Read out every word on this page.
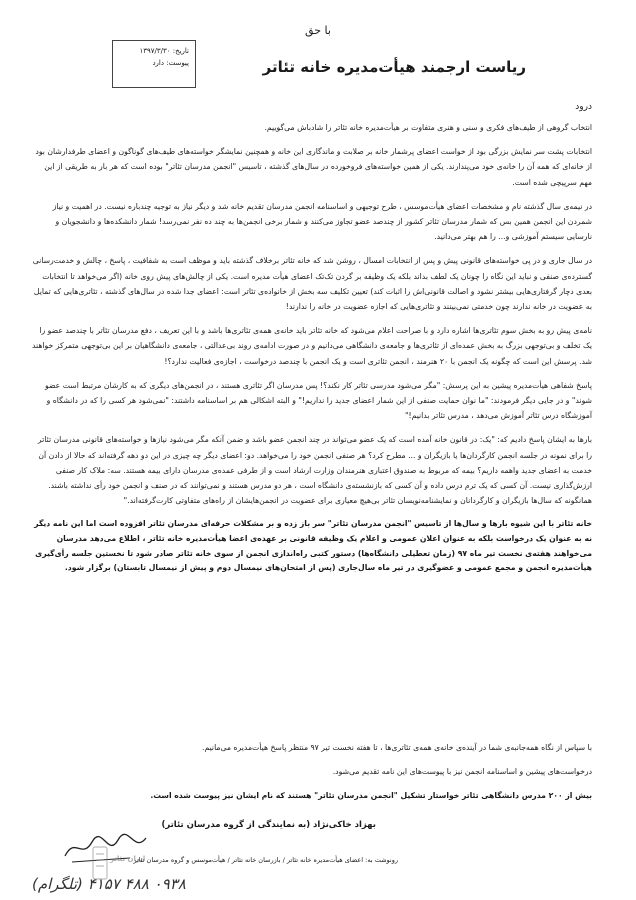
با حق
تاریخ: ۱۳۹۷/۳/۳۰
پیوست: دارد	ریاست ارجمند هیأت‌مدیره خانه تئاتر
درود

انتخاب گروهی از طیف‌های فکری و سنی و هنری متفاوت بر هیأت‌مدیره خانه تئاتر را شادباش می‌گوییم.

انتخابات پشت سر نمایش بزرگی بود از خواست اعضای پرشمار خانه بر صلابت و ماندگاری این خانه و همچنین نمایشگر خواسته‌های طیف‌های گوناگون و اعضای طرفدارشان بود از خانه‌ای که همه آن را خانه‌ی خود می‌پندارند. یکی از همین خواسته‌های فروخورده در سال‌های گذشته ، تاسیس "انجمن مدرسان تئاتر" بوده است که هر بار به طریقی از این مهم سرپیچی شده است.

در نیمه‌ی سال گذشته نام و مشخصات اعضای هیأت‌موسس ، طرح توجیهی و اساسنامه انجمن مدرسان تقدیم خانه شد و دیگر نیاز به توجیه چندباره نیست. در اهمیت و نیاز شمردن این انجمن همین بس که شمار مدرسان تئاتر کشور از چندصد عضو تجاوز می‌کنند و شمار برخی انجمن‌ها به چند ده نفر نمی‌رسد! شمار دانشکده‌ها و دانشجویان و نارسایی سیستم آموزشی و... را هم بهتر می‌دانید.

در سال جاری و در پی خواسته‌های قانونی پیش و پس از انتخابات امسال ، روشن شد که خانه تئاتر برخلاف گذشته باید و موظف است به شفافیت ، پاسخ ، چالش و خدمت‌رسانی گسترده‌ی صنفی و نباید این نگاه را چونان یک لطف بداند بلکه یک وظیفه بر گردن تک‌تک اعضای هیأت مدیره است. یکی از چالش‌های پیش روی خانه (اگر می‌خواهد تا انتخابات بعدی دچار گرفتاری‌هایی بیشتر نشود و اصالت قانونی‌اش را اثبات کند) تعیین تکلیف سه بخش از خانواده‌ی تئاتر است: اعضای جدا شده در سال‌های گذشته ، تئاتری‌هایی که تمایل به عضویت در خانه ندارند چون خدمتی نمی‌بینند و تئاتری‌هایی که اجازه عضویت در خانه را ندارند!

نامه‌ی پیش رو به بخش سوم تئاتری‌ها اشاره دارد و با صراحت اعلام می‌شود که خانه تئاتر باید خانه‌ی همه‌ی تئاتری‌ها باشد و با این تعریف ، دفع مدرسان تئاتر با چندصد عضو را یک تخلف و بی‌توجهی بزرگ به بخش عمده‌ای از تئاتری‌ها و جامعه‌ی دانشگاهی می‌دانیم و در صورت ادامه‌ی روند بی‌عدالتی ، جامعه‌ی دانشگاهیان بر این بی‌توجهی متمرکز خواهند شد. پرسش این است که چگونه یک انجمن با ۲۰ هنرمند ، انجمن تئاتری است و یک انجمن با چندصد درخواست ، اجازه‌ی فعالیت ندارد؟!

پاسخ شفاهی هیأت‌مدیره پیشین به این پرسش: "مگر می‌شود مدرسی تئاتر کار نکند؟! پس مدرسان اگر تئاتری هستند ، در انجمن‌های دیگری که به کارشان مرتبط است عضو شوند" و در جایی دیگر فرمودند: "ما نوان حمایت صنفی از این شمار اعضای جدید را نداریم!" و البته اشکالی هم بر اساسنامه داشتند: "نمی‌شود هر کسی را که در دانشگاه و آموزشگاه درس تئاتر آموزش می‌دهد ، مدرس تئاتر بدانیم!"

بارها به ایشان پاسخ دادیم که: "یک: در قانون خانه آمده است که یک عضو می‌تواند در چند انجمن عضو باشد و ضمن آنکه مگر می‌شود نیازها و خواسته‌های قانونی مدرسان تئاتر را برای نمونه در جلسه انجمن کارگردان‌ها یا بازیگران و ... مطرح کرد؟ هر صنفی انجمن خود را می‌خواهد. دو: اعضای دیگر چه چیزی در این دو دهه گرفته‌اند که حالا از دادن آن خدمت به اعضای جدید واهمه داریم؟ بیمه که مربوط به صندوق اعتباری هنرمندان وزارت ارشاد است و از طرفی عمده‌ی مدرسان دارای بیمه هستند. سه: ملاک کار صنفی ارزش‌گذاری نیست. آن کسی که یک ترم درس داده و آن کسی که بازنشسته‌ی دانشگاه است ، هر دو مدرس هستند و نمی‌توانند که در صنف و انجمن خود رأی نداشته باشند. همانگونه که سال‌ها بازیگران و کارگردانان و نمایشنامه‌نویسان تئاتر بی‌هیچ معیاری برای عضویت در انجمن‌هایشان از راه‌های متفاوتی کارت‌گرفته‌اند."

خانه تئاتر با این شیوه بارها و سال‌ها از تاسیس "انجمن مدرسان تئاتر" سر باز زده و بر مشکلات حرفه‌ای مدرسان تئاتر افزوده است اما این نامه دیگر نه به عنوان یک درخواست بلکه به عنوان اعلان عمومی و اعلام یک وظیفه قانونی بر عهده‌ی اعضا هیأت‌مدیره خانه تئاتر ، اطلاع می‌دهد مدرسان می‌خواهند هفته‌ی نخست تیر ماه ۹۷ (زمان تعطیلی دانشگاه‌ها) دستور کتبی راه‌اندازی انجمن از سوی خانه تئاتر صادر شود تا نخستین جلسه رأی‌گیری هیأت‌مدیره انجمن و مجمع عمومی و عضوگیری در تیر ماه سال‌جاری (پس از امتحان‌های نیمسال دوم و پیش از نیمسال تابستان) برگزار شود.

با سپاس از نگاه همه‌جانبه‌ی شما در آینده‌ی خانه‌ی همه‌ی تئاتری‌ها ، تا هفته نخست تیر ۹۷ منتظر پاسخ هیأت‌مدیره می‌مانیم.

درخواست‌های پیشین و اساسنامه انجمن نیز با پیوست‌های این نامه تقدیم می‌شود.

بیش از ۲۰۰ مدرس دانشگاهی تئاتر خواستار تشکیل "انجمن مدرسان تئاتر" هستند که نام ایشان نیز پیوست شده است.

بهزاد خاکی‌نژاد (به نمایندگی از گروه مدرسان تئاتر)
ایران تئاتر
رونوشت به: اعضای هیأت‌مدیره خانه تئاتر / بازرسان خانه تئاتر / هیأت‌موسس و گروه مدرسان تئاتر
۰۹۳۸ ۴۸۸ ۴۱۵۷ (تلگرام)
